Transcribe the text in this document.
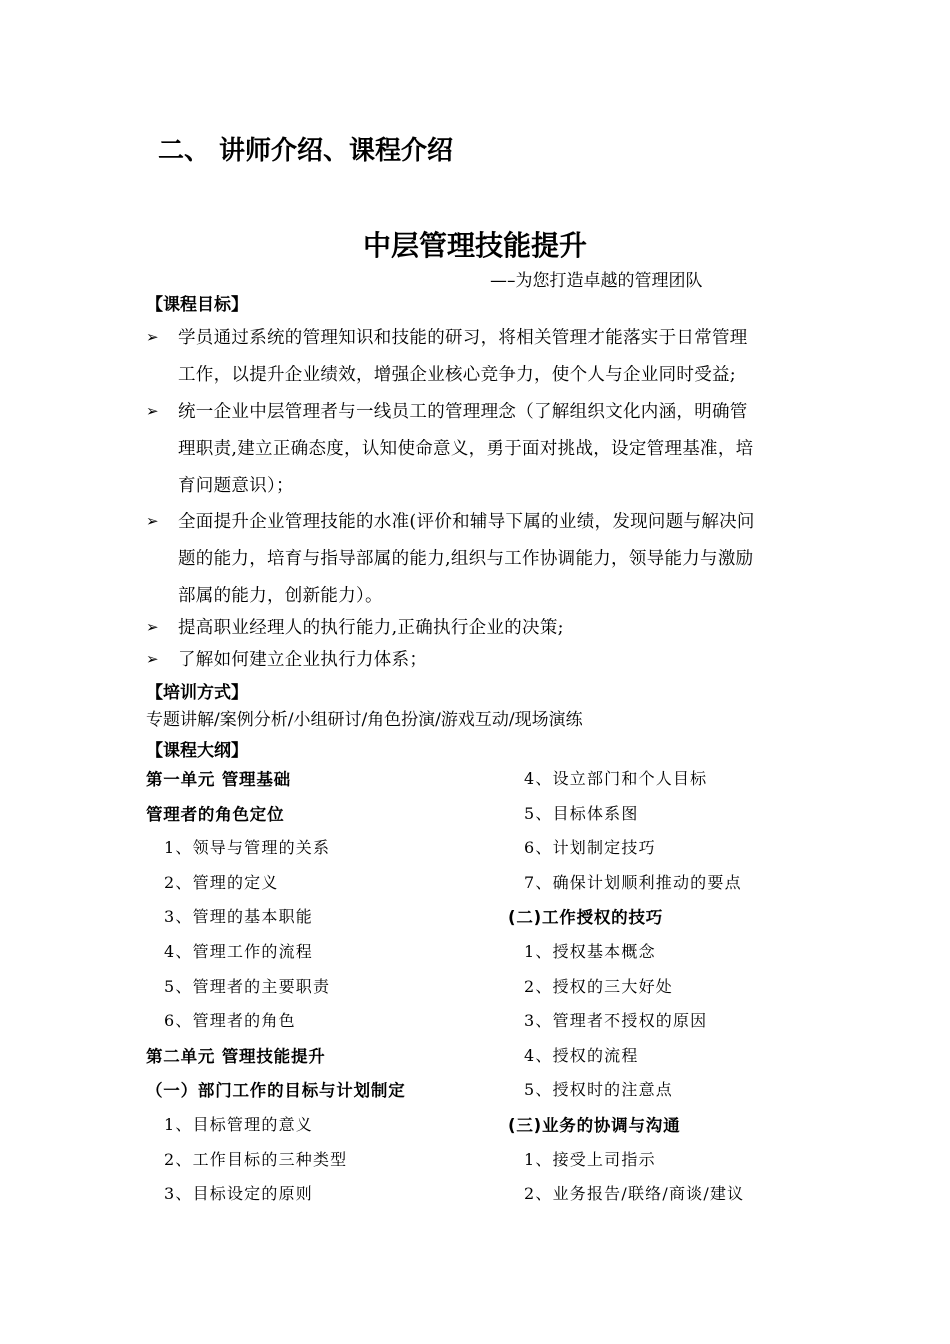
二、 讲师介绍、课程介绍
中层管理技能提升
—–为您打造卓越的管理团队
【课程目标】
➢ 学员通过系统的管理知识和技能的研习，将相关管理才能落实于日常管理
工作，以提升企业绩效，增强企业核心竞争力，使个人与企业同时受益;
➢ 统一企业中层管理者与一线员工的管理理念（了解组织文化内涵，明确管
理职责,建立正确态度，认知使命意义，勇于面对挑战，设定管理基准，培
育问题意识）；
➢ 全面提升企业管理技能的水准(评价和辅导下属的业绩，发现问题与解决问
题的能力，培育与指导部属的能力,组织与工作协调能力，领导能力与激励
部属的能力，创新能力）。
➢ 提高职业经理人的执行能力,正确执行企业的决策;
➢ 了解如何建立企业执行力体系；
【培训方式】
专题讲解/案例分析/小组研讨/角色扮演/游戏互动/现场演练
【课程大纲】
第一单元 管理基础
管理者的角色定位
1、领导与管理的关系
2、管理的定义
3、管理的基本职能
4、管理工作的流程
5、管理者的主要职责
6、管理者的角色
第二单元 管理技能提升
（一）部门工作的目标与计划制定
1、目标管理的意义
2、工作目标的三种类型
3、目标设定的原则
4、设立部门和个人目标
5、目标体系图
6、计划制定技巧
7、确保计划顺利推动的要点
(二)工作授权的技巧
1、授权基本概念
2、授权的三大好处
3、管理者不授权的原因
4、授权的流程
5、授权时的注意点
(三)业务的协调与沟通
1、接受上司指示
2、业务报告/联络/商谈/建议
